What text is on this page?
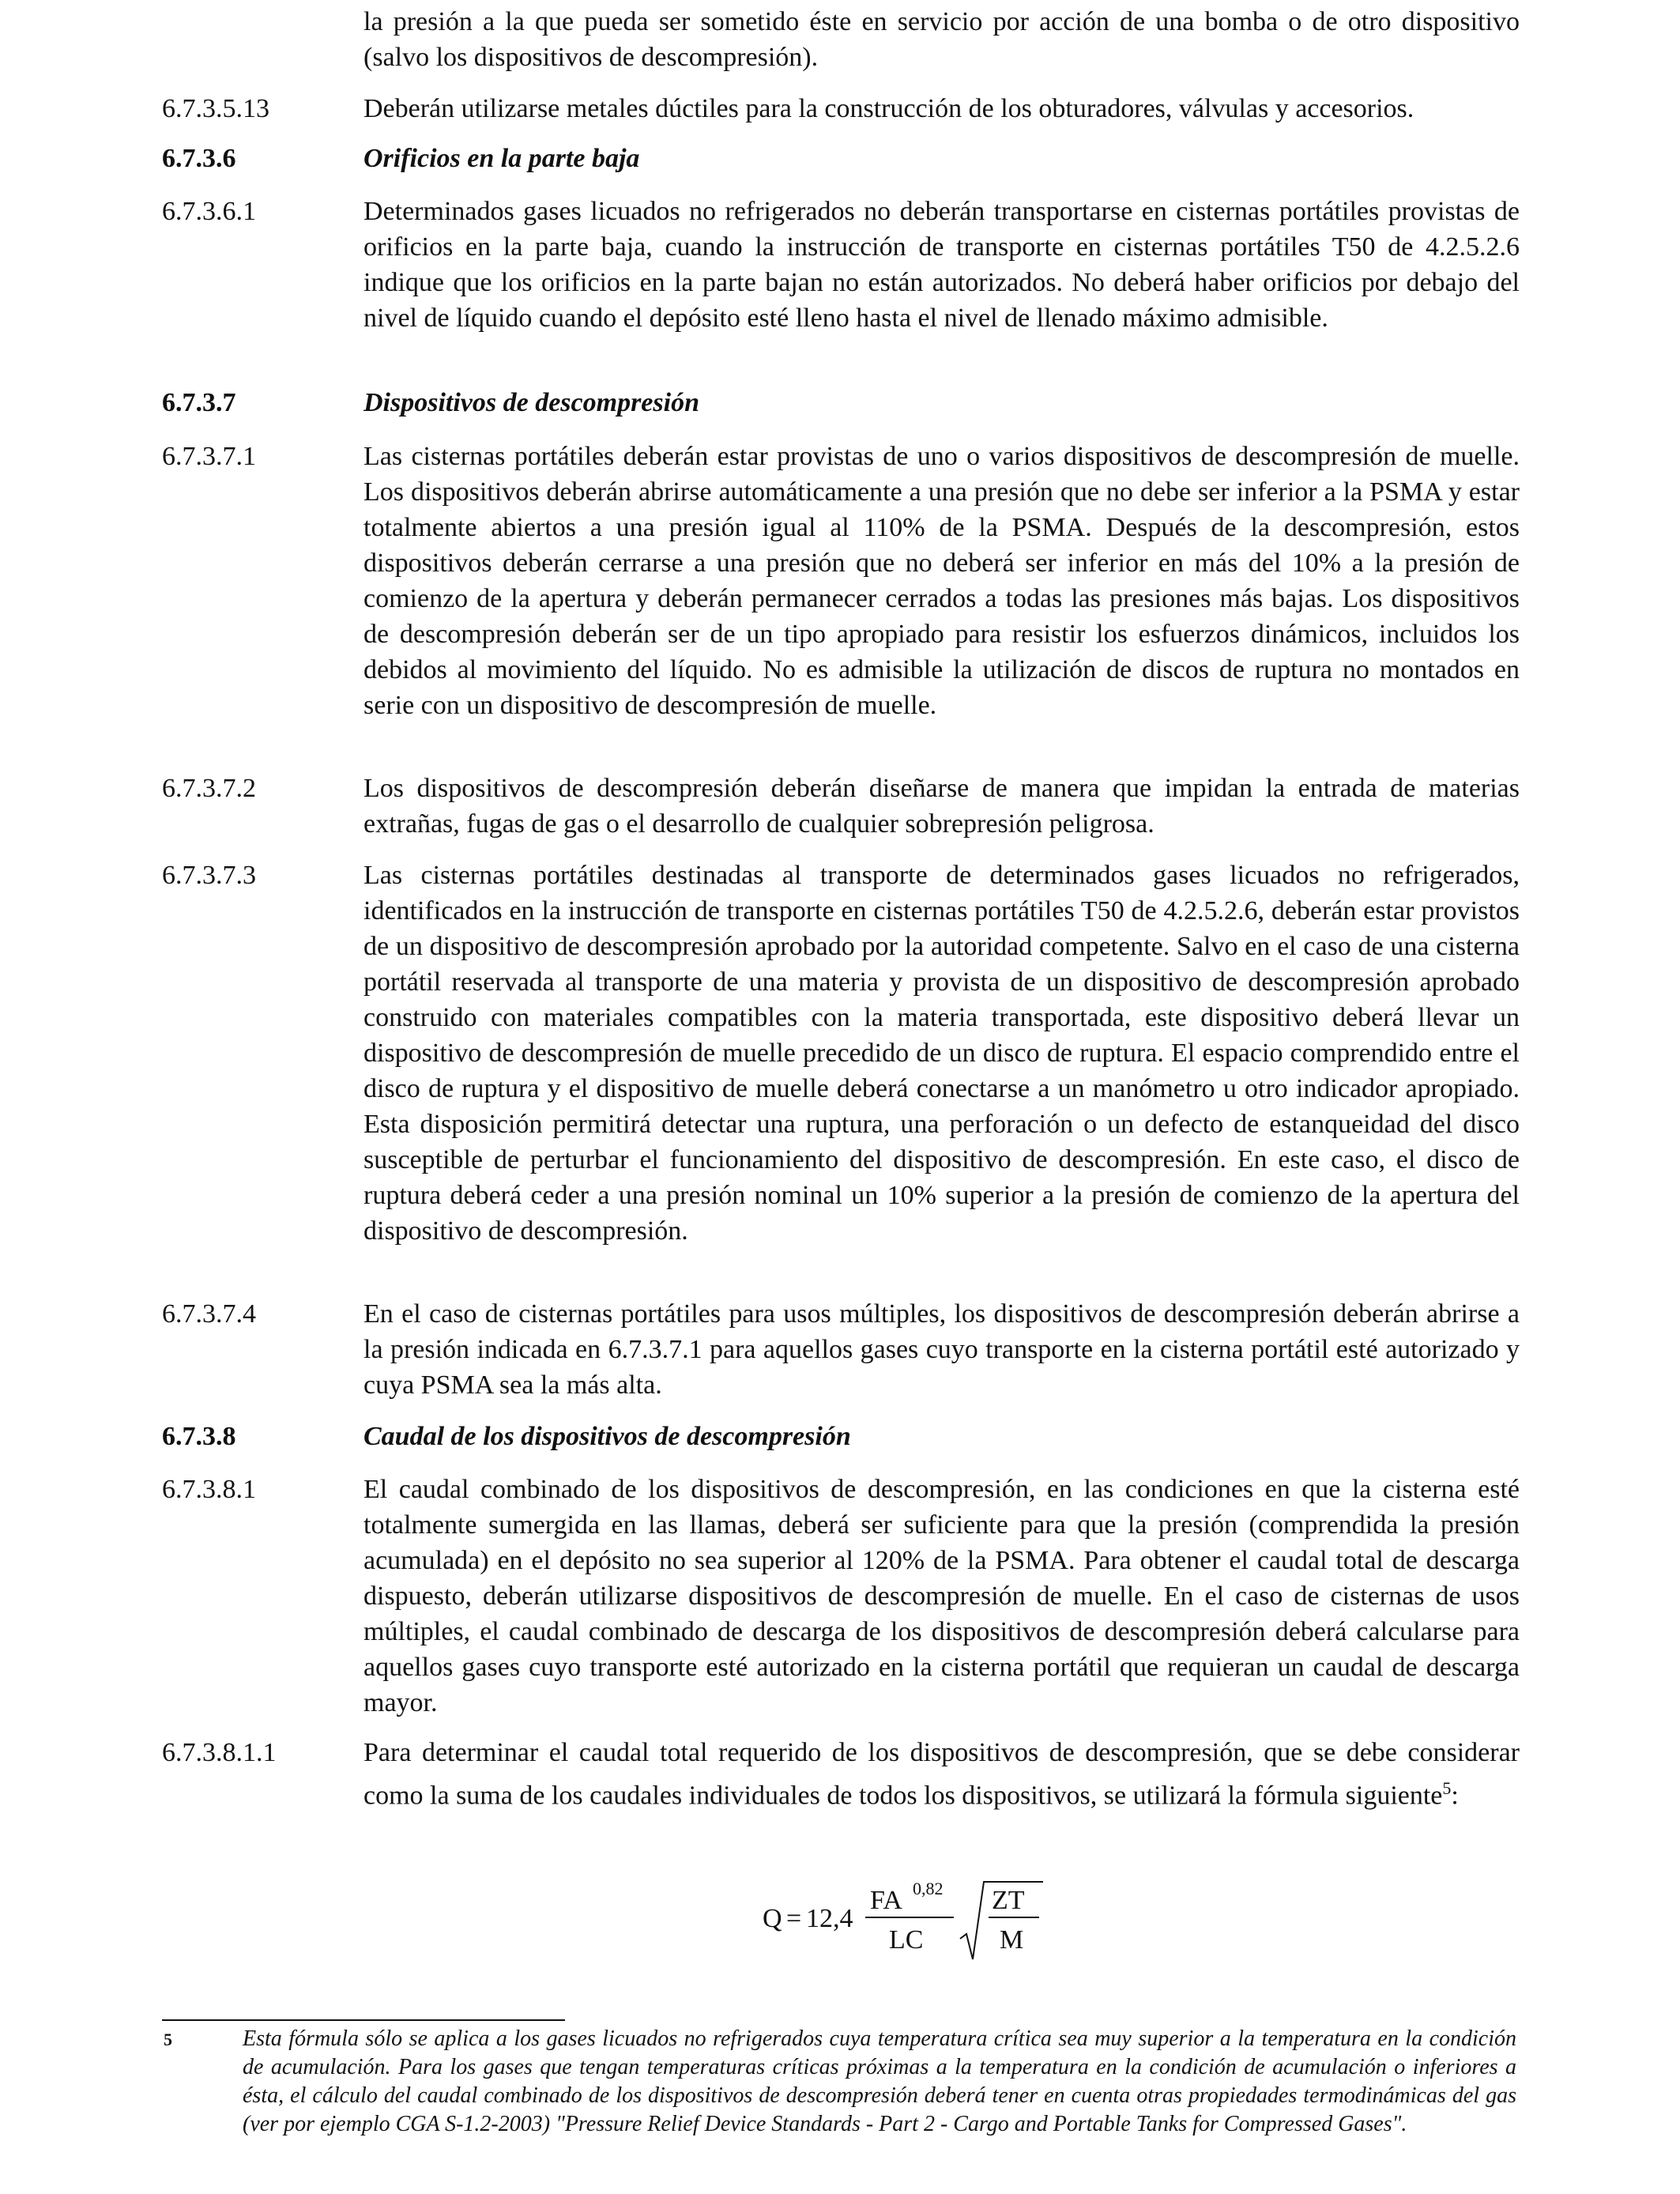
la presión a la que pueda ser sometido éste en servicio por acción de una bomba o de otro dispositivo (salvo los dispositivos de descompresión).
6.7.3.5.13	Deberán utilizarse metales dúctiles para la construcción de los obturadores, válvulas y accesorios.
6.7.3.6	Orificios en la parte baja
6.7.3.6.1	Determinados gases licuados no refrigerados no deberán transportarse en cisternas portátiles provistas de orificios en la parte baja, cuando la instrucción de transporte en cisternas portátiles T50 de 4.2.5.2.6 indique que los orificios en la parte bajan no están autorizados. No deberá haber orificios por debajo del nivel de líquido cuando el depósito esté lleno hasta el nivel de llenado máximo admisible.
6.7.3.7	Dispositivos de descompresión
6.7.3.7.1	Las cisternas portátiles deberán estar provistas de uno o varios dispositivos de descompresión de muelle. Los dispositivos deberán abrirse automáticamente a una presión que no debe ser inferior a la PSMA y estar totalmente abiertos a una presión igual al 110% de la PSMA. Después de la descompresión, estos dispositivos deberán cerrarse a una presión que no deberá ser inferior en más del 10% a la presión de comienzo de la apertura y deberán permanecer cerrados a todas las presiones más bajas. Los dispositivos de descompresión deberán ser de un tipo apropiado para resistir los esfuerzos dinámicos, incluidos los debidos al movimiento del líquido. No es admisible la utilización de discos de ruptura no montados en serie con un dispositivo de descompresión de muelle.
6.7.3.7.2	Los dispositivos de descompresión deberán diseñarse de manera que impidan la entrada de materias extrañas, fugas de gas o el desarrollo de cualquier sobrepresión peligrosa.
6.7.3.7.3	Las cisternas portátiles destinadas al transporte de determinados gases licuados no refrigerados, identificados en la instrucción de transporte en cisternas portátiles T50 de 4.2.5.2.6, deberán estar provistos de un dispositivo de descompresión aprobado por la autoridad competente. Salvo en el caso de una cisterna portátil reservada al transporte de una materia y provista de un dispositivo de descompresión aprobado construido con materiales compatibles con la materia transportada, este dispositivo deberá llevar un dispositivo de descompresión de muelle precedido de un disco de ruptura. El espacio comprendido entre el disco de ruptura y el dispositivo de muelle deberá conectarse a un manómetro u otro indicador apropiado. Esta disposición permitirá detectar una ruptura, una perforación o un defecto de estanqueidad del disco susceptible de perturbar el funcionamiento del dispositivo de descompresión. En este caso, el disco de ruptura deberá ceder a una presión nominal un 10% superior a la presión de comienzo de la apertura del dispositivo de descompresión.
6.7.3.7.4	En el caso de cisternas portátiles para usos múltiples, los dispositivos de descompresión deberán abrirse a la presión indicada en 6.7.3.7.1 para aquellos gases cuyo transporte en la cisterna portátil esté autorizado y cuya PSMA sea la más alta.
6.7.3.8	Caudal de los dispositivos de descompresión
6.7.3.8.1	El caudal combinado de los dispositivos de descompresión, en las condiciones en que la cisterna esté totalmente sumergida en las llamas, deberá ser suficiente para que la presión (comprendida la presión acumulada) en el depósito no sea superior al 120% de la PSMA. Para obtener el caudal total de descarga dispuesto, deberán utilizarse dispositivos de descompresión de muelle. En el caso de cisternas de usos múltiples, el caudal combinado de descarga de los dispositivos de descompresión deberá calcularse para aquellos gases cuyo transporte esté autorizado en la cisterna portátil que requieran un caudal de descarga mayor.
6.7.3.8.1.1	Para determinar el caudal total requerido de los dispositivos de descompresión, que se debe considerar como la suma de los caudales individuales de todos los dispositivos, se utilizará la fórmula siguiente$^5$:
Q = 12,4
FA 0,82
LC
ZT
M
5	Esta fórmula sólo se aplica a los gases licuados no refrigerados cuya temperatura crítica sea muy superior a la temperatura en la condición de acumulación. Para los gases que tengan temperaturas críticas próximas a la temperatura en la condición de acumulación o inferiores a ésta, el cálculo del caudal combinado de los dispositivos de descompresión deberá tener en cuenta otras propiedades termodinámicas del gas (ver por ejemplo CGA S-1.2-2003) "Pressure Relief Device Standards - Part 2 - Cargo and Portable Tanks for Compressed Gases".
